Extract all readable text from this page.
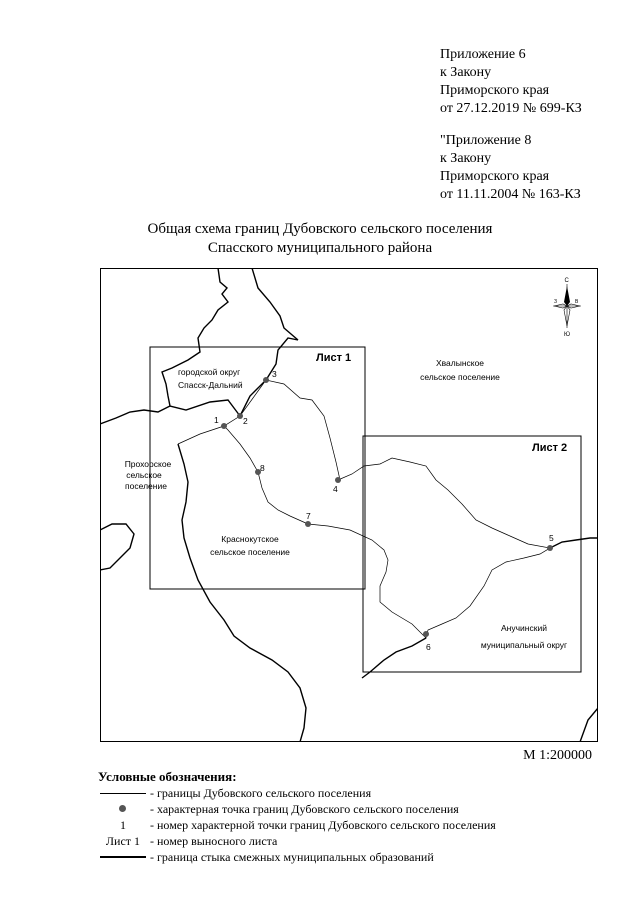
Приложение 6
к Закону
Приморского края
от 27.12.2019 № 699-КЗ
"Приложение 8
к Закону
Приморского края
от 11.11.2004 № 163-КЗ
Общая схема границ Дубовского сельского поселения
Спасского муниципального района
1	2
3
4
5
6
7
8
Лист 1
Лист 2
городской округ
Спасск-Дальний
Хвалынское
сельское поселение
Прохорское
сельское
поселение
Краснокутское
сельское поселение
Анучинский
муниципальный округ
С
Ю
З	В
М 1:200000
Условные обозначения:
- границы Дубовского сельского поселения
- характерная точка границ Дубовского сельского поселения
1	- номер характерной точки границ Дубовского сельского поселения
Лист 1 - номер выносного листа
- граница стыка смежных муниципальных образований
